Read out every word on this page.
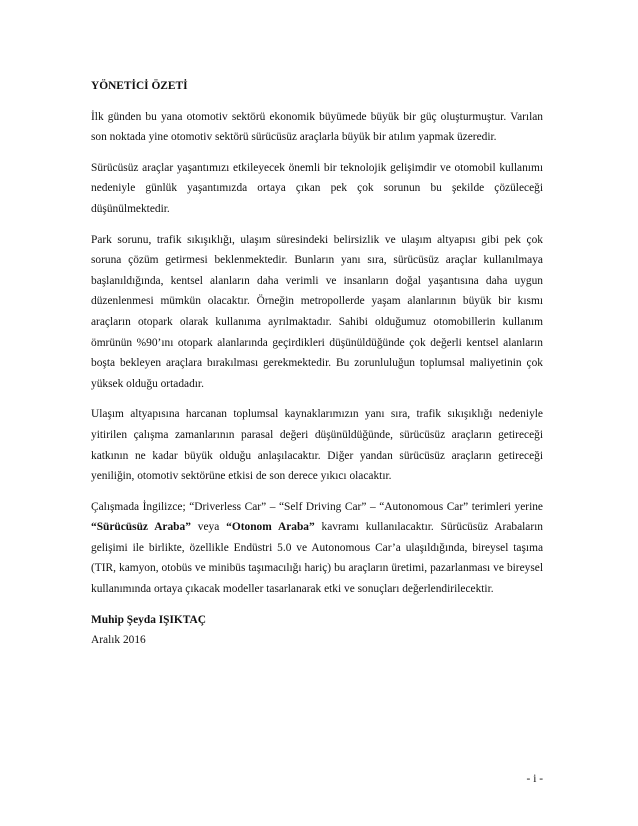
YÖNETİCİ ÖZETİ

İlk günden bu yana otomotiv sektörü ekonomik büyümede büyük bir güç oluşturmuştur. Varılan son noktada yine otomotiv sektörü sürücüsüz araçlarla büyük bir atılım yapmak üzeredir.

Sürücüsüz araçlar yaşantımızı etkileyecek önemli bir teknolojik gelişimdir ve otomobil kullanımı nedeniyle günlük yaşantımızda ortaya çıkan pek çok sorunun bu şekilde çözüleceği düşünülmektedir.

Park sorunu, trafik sıkışıklığı, ulaşım süresindeki belirsizlik ve ulaşım altyapısı gibi pek çok soruna çözüm getirmesi beklenmektedir. Bunların yanı sıra, sürücüsüz araçlar kullanılmaya başlanıldığında, kentsel alanların daha verimli ve insanların doğal yaşantısına daha uygun düzenlenmesi mümkün olacaktır. Örneğin metropollerde yaşam alanlarının büyük bir kısmı araçların otopark olarak kullanıma ayrılmaktadır. Sahibi olduğumuz otomobillerin kullanım ömrünün %90’ını otopark alanlarında geçirdikleri düşünüldüğünde çok değerli kentsel alanların boşta bekleyen araçlara bırakılması gerekmektedir. Bu zorunluluğun toplumsal maliyetinin çok yüksek olduğu ortadadır.

Ulaşım altyapısına harcanan toplumsal kaynaklarımızın yanı sıra, trafik sıkışıklığı nedeniyle yitirilen çalışma zamanlarının parasal değeri düşünüldüğünde, sürücüsüz araçların getireceği katkının ne kadar büyük olduğu anlaşılacaktır. Diğer yandan sürücüsüz araçların getireceği yeniliğin, otomotiv sektörüne etkisi de son derece yıkıcı olacaktır.

Çalışmada İngilizce; “Driverless Car” – “Self Driving Car” – “Autonomous Car” terimleri yerine “Sürücüsüz Araba” veya “Otonom Araba” kavramı kullanılacaktır. Sürücüsüz Arabaların gelişimi ile birlikte, özellikle Endüstri 5.0 ve Autonomous Car’a ulaşıldığında, bireysel taşıma (TIR, kamyon, otobüs ve minibüs taşımacılığı hariç) bu araçların üretimi, pazarlanması ve bireysel kullanımında ortaya çıkacak modeller tasarlanarak etki ve sonuçları değerlendirilecektir.

Muhip Şeyda IŞIKTAÇ
Aralık 2016
- i -
